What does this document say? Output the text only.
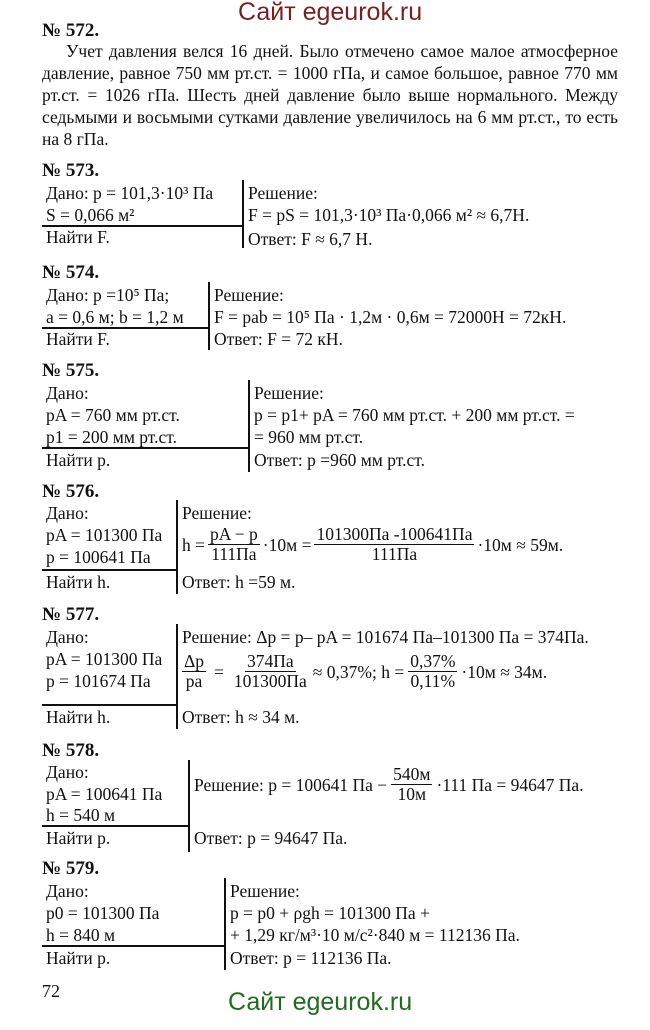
Сайт egeurok.ru
№ 572.
Учет давления велся 16 дней. Было отмечено самое малое атмосферное давление, равное 750 мм рт.ст. = 1000 гПа, и самое большое, равное 770 мм рт.ст. = 1026 гПа. Шесть дней давление было выше нормального. Между седьмыми и восьмыми сутками давление увеличилось на 6 мм рт.ст., то есть на 8 гПа.
№ 573.
Дано: p = 101,3·10³ Па
S = 0,066 м²
Найти F.
Решение:
F = pS = 101,3·10³ Па·0,066 м² ≈ 6,7Н.
Ответ: F ≈ 6,7 Н.
№ 574.
Дано: p =10⁵ Па;
a = 0,6 м; b = 1,2 м
Найти F.
Решение:
F = pab = 10⁵ Па · 1,2м · 0,6м = 72000Н = 72кН.
Ответ: F = 72 кН.
№ 575.
Дано:
pA = 760 мм рт.ст.
p1 = 200 мм рт.ст.
Найти p.
Решение:
p = p1+ pA = 760 мм рт.ст. + 200 мм рт.ст. =
= 960 мм рт.ст.
Ответ: p =960 мм рт.ст.
№ 576.
Дано:
pA = 101300 Па
p = 100641 Па
Найти h.
Решение:
$h = \frac{pA - p}{111Па} \cdot 10м = \frac{101300Па -100641Па}{111Па} \cdot 10м \approx 59м$.
Ответ: h =59 м.
№ 577.
Дано:
pA = 101300 Па
p = 101674 Па
Найти h.
Решение: Δp = p– pA = 101674 Па–101300 Па = 374Па.
$\frac{\Delta p}{pa} = \frac{374Па}{101300Па} \approx 0,37\%$; $h = \frac{0,37\%}{0,11\%} \cdot 10м \approx 34м$.
Ответ: h ≈ 34 м.
№ 578.
Дано:
pA = 100641 Па
h = 540 м
Найти p.
Решение: p = 100641 Па − $\frac{540м}{10м} \cdot 111$ Па = 94647 Па.
Ответ: p = 94647 Па.
№ 579.
Дано:
p0 = 101300 Па
h = 840 м
Найти p.
Решение:
p = p0 + ρgh = 101300 Па +
+ 1,29 кг/м³·10 м/с²·840 м = 112136 Па.
Ответ: p = 112136 Па.
72	Сайт egeurok.ru
